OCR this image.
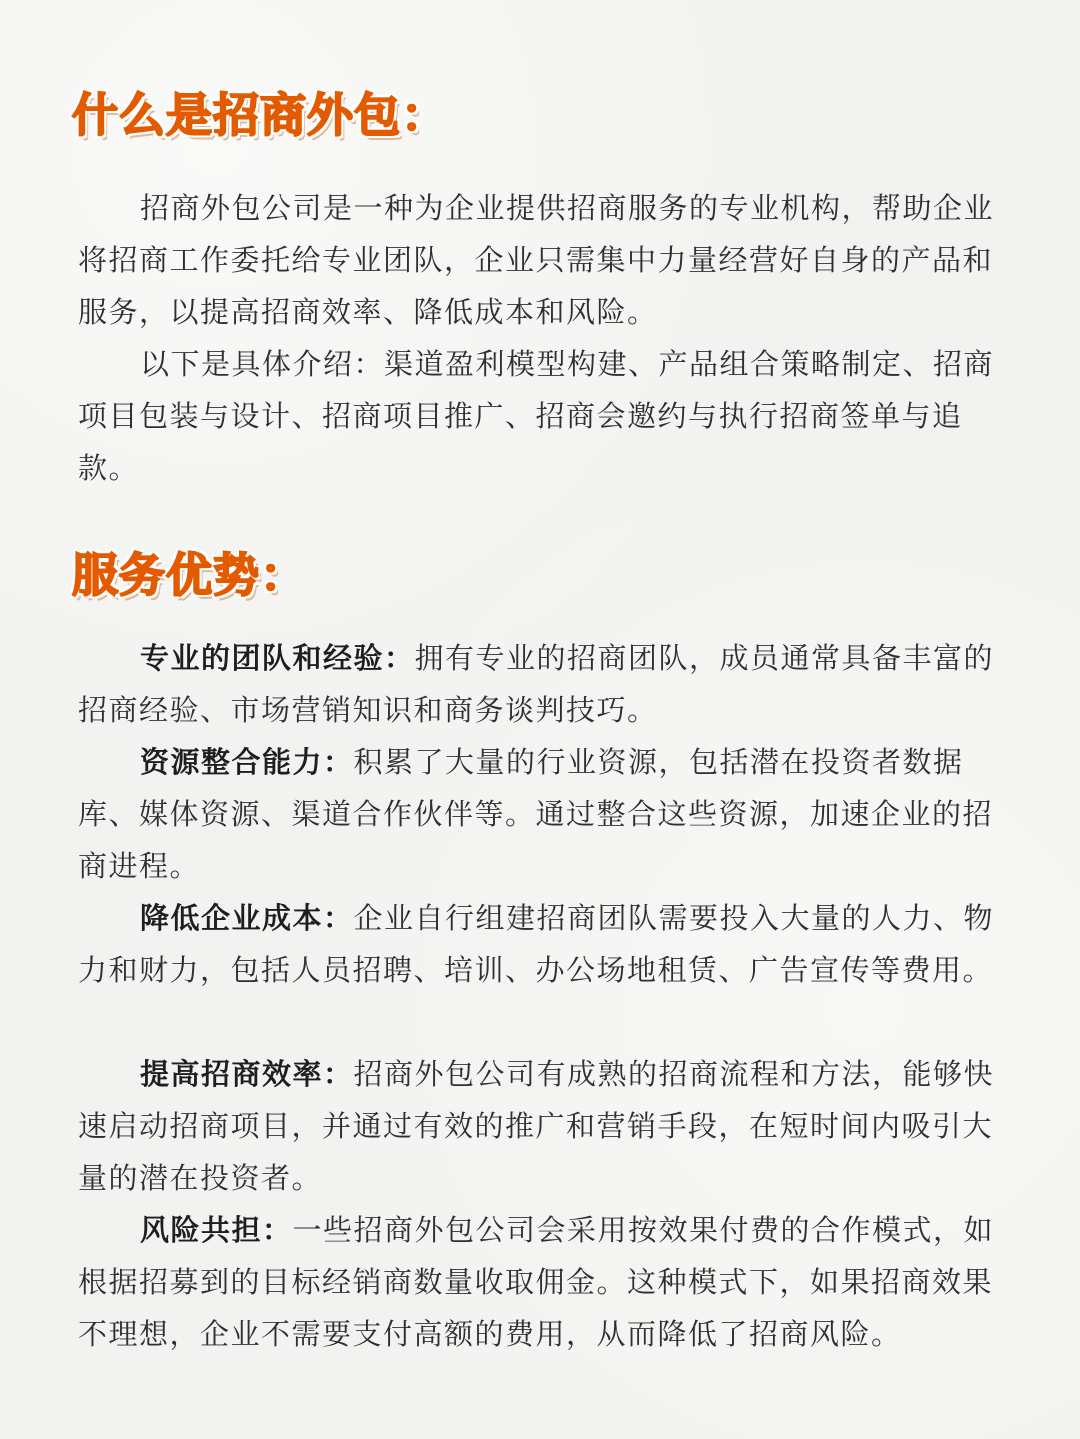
什么是招商外包：

招商外包公司是一种为企业提供招商服务的专业机构，帮助企业将招商工作委托给专业团队，企业只需集中力量经营好自身的产品和服务，以提高招商效率、降低成本和风险。

以下是具体介绍：渠道盈利模型构建、产品组合策略制定、招商项目包装与设计、招商项目推广、招商会邀约与执行招商签单与追款。

服务优势：

专业的团队和经验：拥有专业的招商团队，成员通常具备丰富的招商经验、市场营销知识和商务谈判技巧。

资源整合能力：积累了大量的行业资源，包括潜在投资者数据库、媒体资源、渠道合作伙伴等。通过整合这些资源，加速企业的招商进程。

降低企业成本：企业自行组建招商团队需要投入大量的人力、物力和财力，包括人员招聘、培训、办公场地租赁、广告宣传等费用。

提高招商效率：招商外包公司有成熟的招商流程和方法，能够快速启动招商项目，并通过有效的推广和营销手段，在短时间内吸引大量的潜在投资者。

风险共担：一些招商外包公司会采用按效果付费的合作模式，如根据招募到的目标经销商数量收取佣金。这种模式下，如果招商效果不理想，企业不需要支付高额的费用，从而降低了招商风险。
